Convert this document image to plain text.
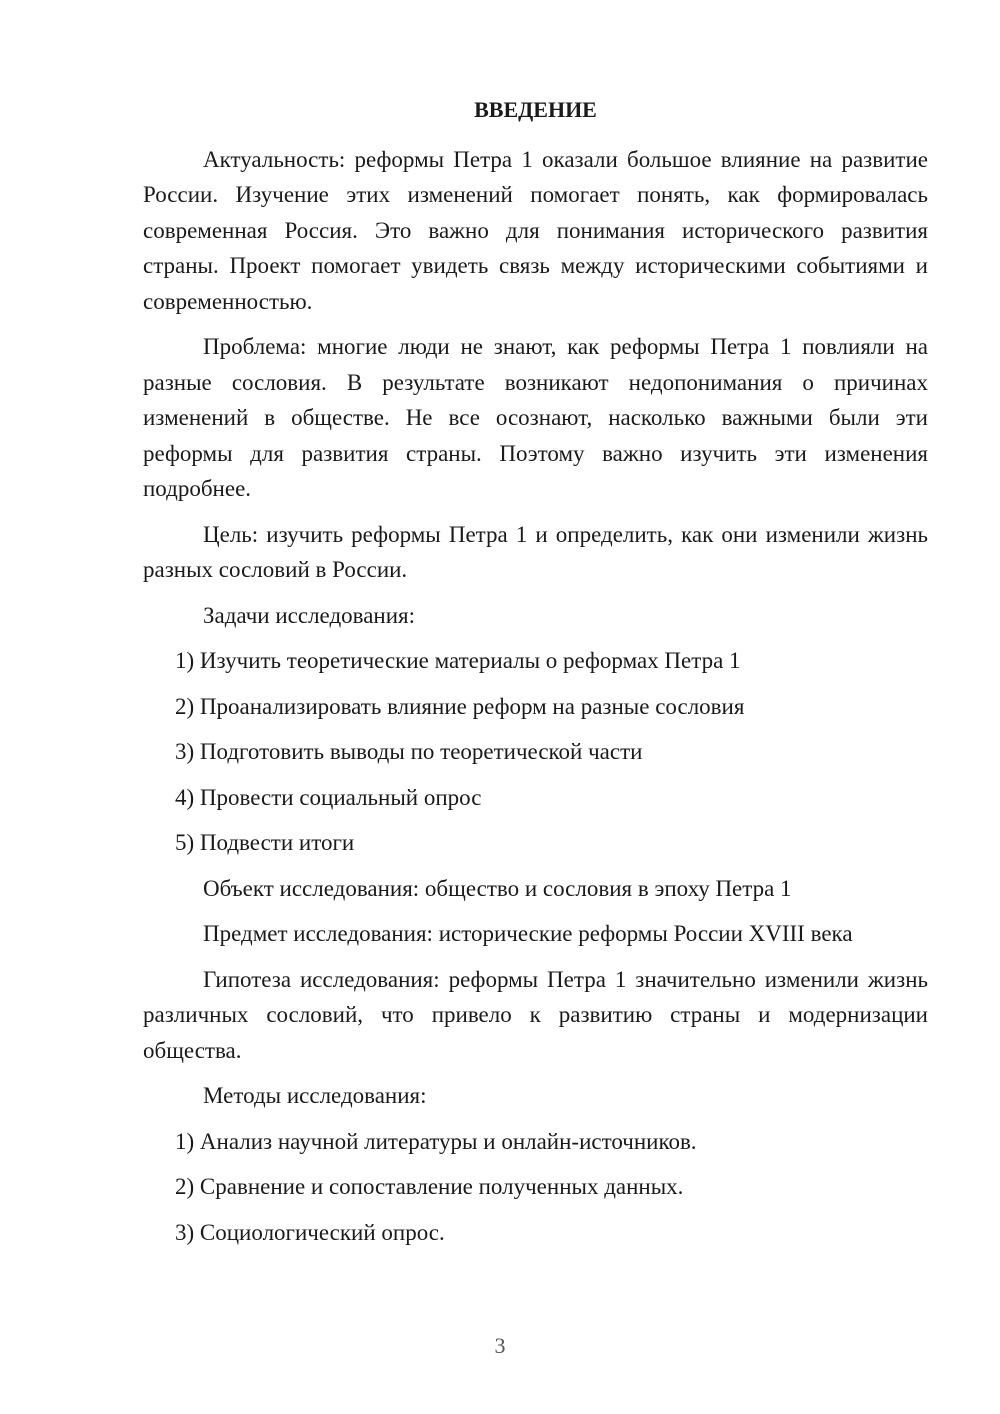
ВВЕДЕНИЕ

Актуальность: реформы Петра 1 оказали большое влияние на развитие России. Изучение этих изменений помогает понять, как формировалась современная Россия. Это важно для понимания исторического развития страны. Проект помогает увидеть связь между историческими событиями и современностью.

Проблема: многие люди не знают, как реформы Петра 1 повлияли на разные сословия. В результате возникают недопонимания о причинах изменений в обществе. Не все осознают, насколько важными были эти реформы для развития страны. Поэтому важно изучить эти изменения подробнее.

Цель: изучить реформы Петра 1 и определить, как они изменили жизнь разных сословий в России.

Задачи исследования:
1) Изучить теоретические материалы о реформах Петра 1
2) Проанализировать влияние реформ на разные сословия
3) Подготовить выводы по теоретической части
4) Провести социальный опрос
5) Подвести итоги
Объект исследования: общество и сословия в эпоху Петра 1
Предмет исследования: исторические реформы России XVIII века

Гипотеза исследования: реформы Петра 1 значительно изменили жизнь различных сословий, что привело к развитию страны и модернизации общества.

Методы исследования:
1) Анализ научной литературы и онлайн-источников.
2) Сравнение и сопоставление полученных данных.
3) Социологический опрос.
3
